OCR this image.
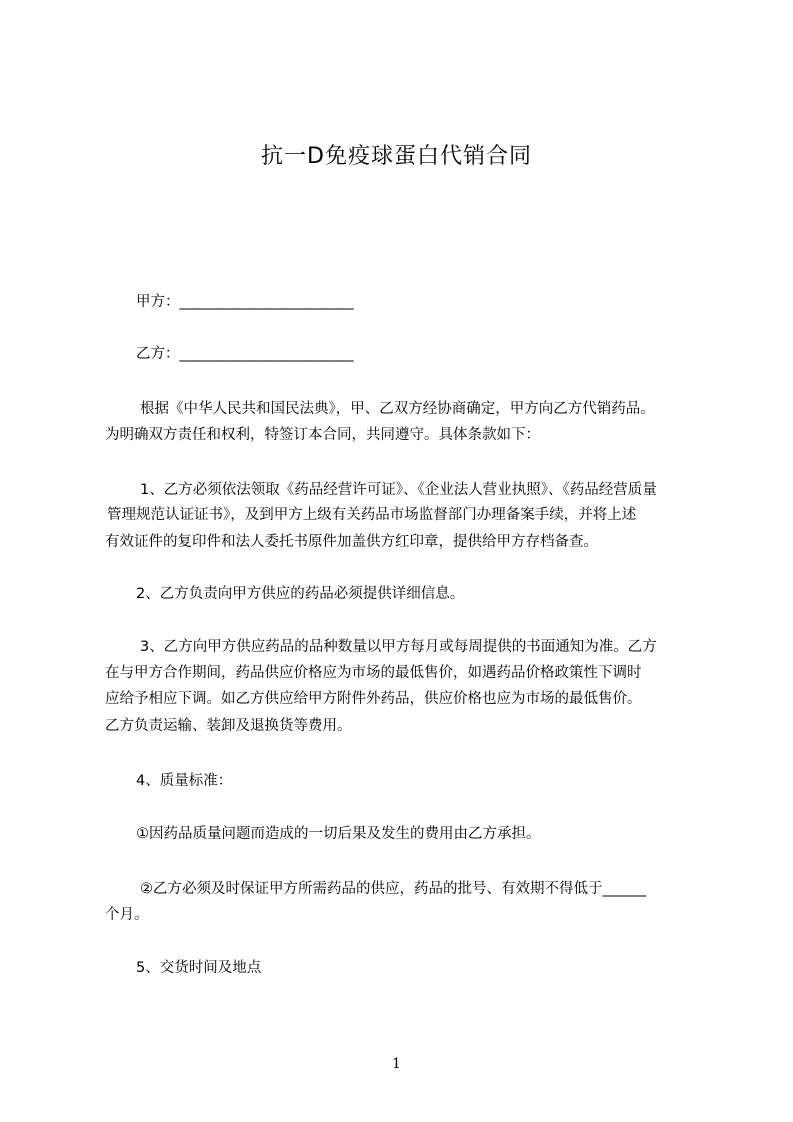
抗一D免疫球蛋白代销合同
甲方：________________________
乙方：________________________
根据《中华人民共和国民法典》，甲、乙双方经协商确定，甲方向乙方代销药品。
为明确双方责任和权利，特签订本合同，共同遵守。具体条款如下：
1、乙方必须依法领取《药品经营许可证》、《企业法人营业执照》、《药品经营质量
管理规范认证证书》，及到甲方上级有关药品市场监督部门办理备案手续，并将上述
有效证件的复印件和法人委托书原件加盖供方红印章，提供给甲方存档备查。
2、乙方负责向甲方供应的药品必须提供详细信息。
3、乙方向甲方供应药品的品种数量以甲方每月或每周提供的书面通知为准。乙方
在与甲方合作期间，药品供应价格应为市场的最低售价，如遇药品价格政策性下调时
应给予相应下调。如乙方供应给甲方附件外药品，供应价格也应为市场的最低售价。
乙方负责运输、装卸及退换货等费用。
4、质量标准：
①因药品质量问题而造成的一切后果及发生的费用由乙方承担。
②乙方必须及时保证甲方所需药品的供应，药品的批号、有效期不得低于______
个月。
5、交货时间及地点
1
